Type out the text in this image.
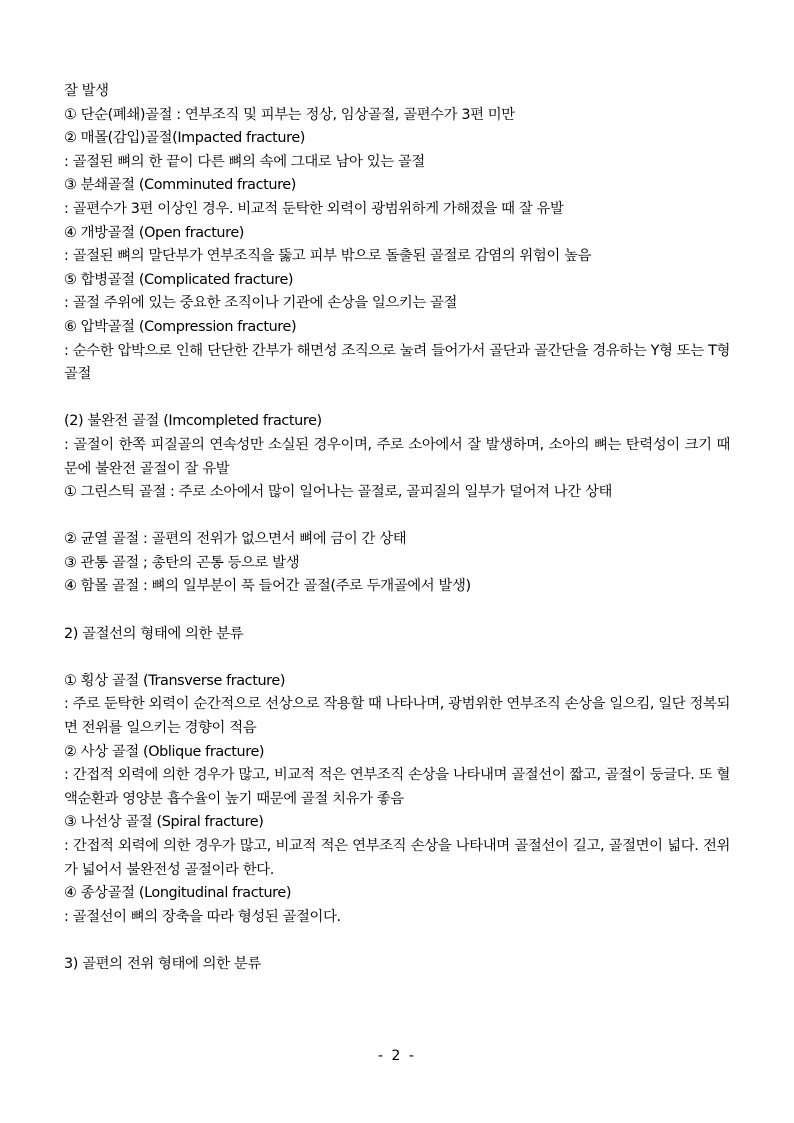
잘 발생

① 단순(폐쇄)골절 : 연부조직 및 피부는 정상, 임상골절, 골편수가 3편 미만

② 매몰(감입)골절(Impacted fracture)

: 골절된 뼈의 한 끝이 다른 뼈의 속에 그대로 남아 있는 골절

③ 분쇄골절 (Comminuted fracture)

: 골편수가 3편 이상인 경우. 비교적 둔탁한 외력이 광범위하게 가해졌을 때 잘 유발

④ 개방골절 (Open fracture)

: 골절된 뼈의 말단부가 연부조직을 뚫고 피부 밖으로 돌출된 골절로 감염의 위험이 높음

⑤ 합병골절 (Complicated fracture)

: 골절 주위에 있는 중요한 조직이나 기관에 손상을 일으키는 골절

⑥ 압박골절 (Compression fracture)

: 순수한 압박으로 인해 단단한 간부가 해면성 조직으로 눌려 들어가서 골단과 골간단을 경유하는 Y형 또는 T형 골절

(2) 불완전 골절 (Imcompleted fracture)

: 골절이 한쪽 피질골의 연속성만 소실된 경우이며, 주로 소아에서 잘 발생하며, 소아의 뼈는 탄력성이 크기 때문에 불완전 골절이 잘 유발

① 그린스틱 골절 : 주로 소아에서 많이 일어나는 골절로, 골피질의 일부가 덜어져 나간 상태

② 균열 골절 : 골편의 전위가 없으면서 뼈에 금이 간 상태

③ 관통 골절 ; 총탄의 곤통 등으로 발생

④ 함몰 골절 : 뼈의 일부분이 푹 들어간 골절(주로 두개골에서 발생)

2) 골절선의 형태에 의한 분류

① 횡상 골절 (Transverse fracture)

: 주로 둔탁한 외력이 순간적으로 선상으로 작용할 때 나타나며, 광범위한 연부조직 손상을 일으킴, 일단 정복되면 전위를 일으키는 경향이 적음

② 사상 골절 (Oblique fracture)

: 간접적 외력에 의한 경우가 많고, 비교적 적은 연부조직 손상을 나타내며 골절선이 짧고, 골절이 둥글다. 또 혈액순환과 영양분 흡수율이 높기 때문에 골절 치유가 좋음

③ 나선상 골절 (Spiral fracture)

: 간접적 외력에 의한 경우가 많고, 비교적 적은 연부조직 손상을 나타내며 골절선이 길고, 골절면이 넓다. 전위가 넓어서 불완전성 골절이라 한다.

④ 종상골절 (Longitudinal fracture)

: 골절선이 뼈의 장축을 따라 형성된 골절이다.

3) 골편의 전위 형태에 의한 분류

- 2 -
